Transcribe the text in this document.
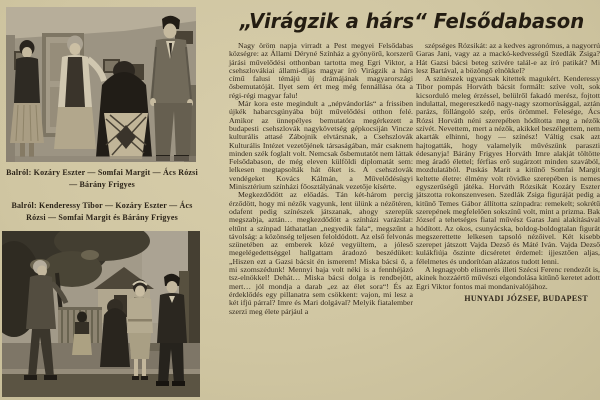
Balról: Kozáry Eszter — Somfai Margit — Ács Rózsi — Bárány Frigyes
Balról: Kenderessy Tibor — Kozáry Eszter — Ács Rózsi — Somfai Margit és Bárány Frigyes
„Virágzik a hárs“ Felsődabason

Nagy öröm napja virradt a Pest megyei Felsődabas községre: az Állami Déryné Színház a gyönyörű, korszerű járási művelődési otthonban tartotta meg Egri Viktor, a csehszlovákiai állami-díjas magyar író Virágzik a hárs című falusi témájú új drámájának magyarországi ősbemutatóját. Ilyet sem ért meg még fennállása óta a régi-régi magyar falu!

Már kora este megindult a „népvándorlás“ a frissiben újkék habarcsgúnyába bújt művelődési otthon felé. Amikor az ünnepélyes bemutatóra megérkezett a budapesti csehszlovák nagykövetség gépkocsiján Vincze kulturális attasé Zábojnik elvtársnak, a Csehszlovák Kulturális Intézet vezetőjének társaságában, már csaknem minden szék foglalt volt. Nemcsak ősbemutatót nem láttak Felsődabason, de még eleven külföldi diplomatát sem: lelkesen megtapsolták hát őket is. A csehszlovák vendégeket Kovács Kálmán, a Művelődésügyi Minisztérium színházi főosztályának vezetője kísérte.

Megkezdődött az előadás. Tán két-három percig érződött, hogy mi nézők vagyunk, lent ülünk a nézőtéren, odafent pedig színészek játszanak, ahogy szerepük megszabja, aztán… megkezdődött a színházi varázslat: eltűnt a színpad láthatatlan „negyedik fala“, megszűnt a távolság: a közönség teljesen feloldódott. Az első felvonás szünetében az emberek közé vegyültem, a jóleső megelégedettséggel hallgattam áradozó beszédüket: „Hiszen ezt a Gazsi bácsit én ismerem! Miska bácsi ő, a mi szomszédunk! Mennyi baja volt néki is a fennhéjázó tsz-elnökkel! Dehát… Miska bácsi dolga is rendbejött, mert… jól mondja a darab „ez az élet sora“! És az érdeklődés egy pillanatra sem csökkent: vajon, mi lesz a két ifjú párral? Imre és Mari dolgával? Melyik fiatalember szerzi meg élete párjául a

szépséges Rózsikát: az a kedves agronómus, a nagyorrú Garas Jani, vagy az a mackó-kedvességű Szedlák Zsiga? Hát Gazsi bácsi beteg szívére talál-e az író patikát? Mi lesz Bartával, a bözöngő elnökkel?

A színészek ugyancsak kitettek magukért. Kenderessy Tibor pompás Horváth bácsit formált: szíve volt, sok kicsorduló meleg érzéssel, belülről fakadó merész, fojtott indulattal, megereszkedő nagy-nagy szomorúsággal, aztán parázs, föllángoló szép, erős örömmel. Felesége, Ács Rózsi Horváth néni szerepében hódította meg a nézők szívét. Nevettem, mert a nézők, akikkel beszélgettem, nem akarták elhinni, hogy — színész! Váltig csak azt hajtogatták, hogy valamelyik művészünk paraszti édesanyja! Bárány Frigyes Horváth Imre alakját töltötte meg áradó élettel; férfias erő sugárzott minden szavából, mozdulatából. Puskás Marit a kitűnő Somfai Margit keltette életre: élmény volt rövidke szerepében is nemes egyszerűségű játéka. Horváth Rózsikát Kozáry Eszter játszotta rokonszenvesen. Szedlák Zsiga figuráját pedig a kitűnő Temes Gábor állította színpadra: remekelt; sokrétű szerepének megfelelően sokszínű volt, mint a prizma. Bak József a tehetséges fiatal művész Garas Jani alakításával hódított. Az okos, csunyácska, boldog-boldogtalan figurát megszerettette lelkesen tapsoló nézőivel. Két kisebb szerepet játszott Vajda Dezső és Máté Iván. Vajda Dezső kulákfiúja őszinte dicséretet érdemel: ijjesztően aljas, félelmetes és undorítóan alázatos tudott lenni.

A legnagyobb elismerés illeti Szécsi Ferenc rendezőt is, akinek hozzáértő művészi elgondolása kitűnő keretet adott Egri Viktor fontos mai mondanivalójához.

HUNYADI JÓZSEF, BUDAPEST
